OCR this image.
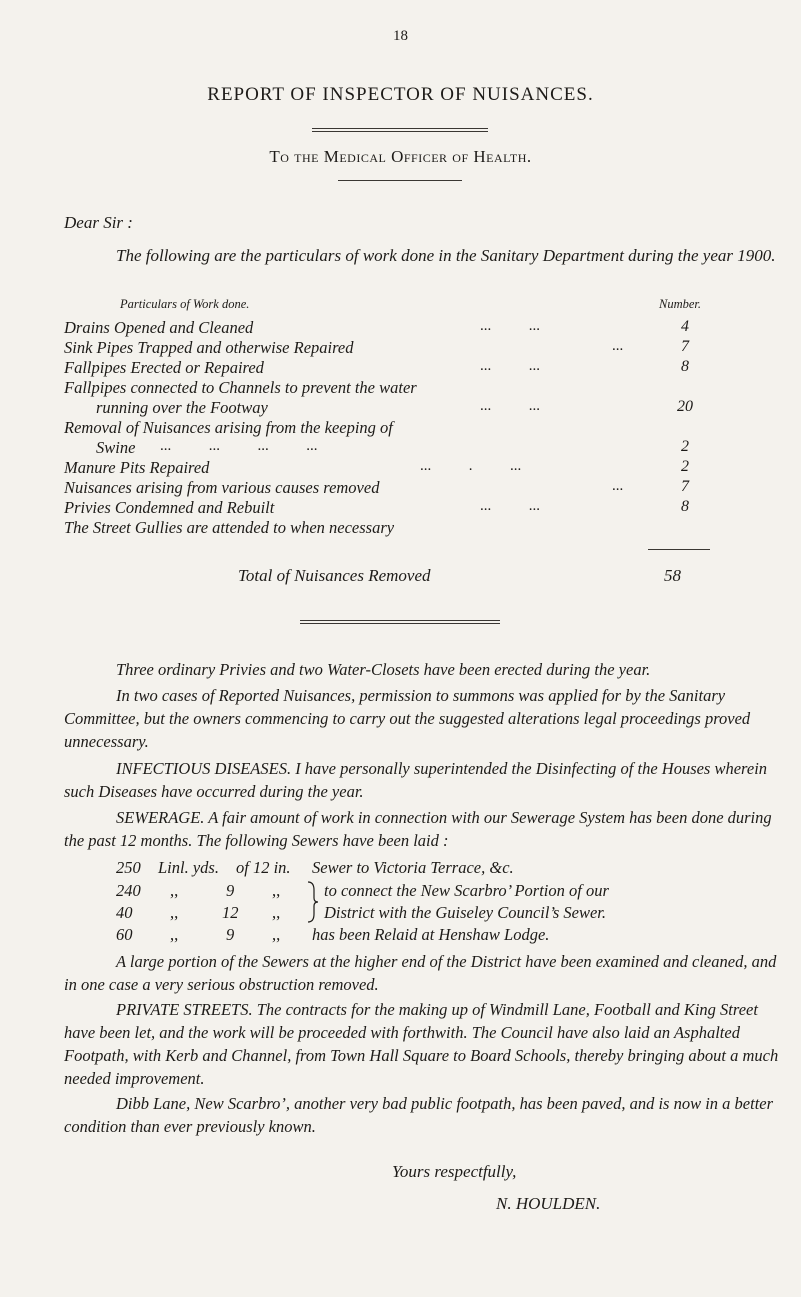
18
REPORT OF INSPECTOR OF NUISANCES.
To the Medical Officer of Health.
Dear Sir :
The following are the particulars of work done in the Sanitary Department during the year 1900.
Particulars of Work done.	Number.
Drains Opened and Cleaned	...          ...	4
Sink Pipes Trapped and otherwise Repaired	...	7
Fallpipes Erected or Repaired	...          ...	8
Fallpipes connected to Channels to prevent the water
running over the Footway	...          ...	20
Removal of Nuisances arising from the keeping of
Swine ...          ...          ...          ...	2
Manure Pits Repaired	...          .          ...	2
Nuisances arising from various causes removed	...	7
Privies Condemned and Rebuilt	...          ...	8
The Street Gullies are attended to when necessary
Total of Nuisances Removed	58
Three ordinary Privies and two Water-Closets have been erected during the year.
In two cases of Reported Nuisances, permission to summons was applied for by the Sanitary Committee, but the owners commencing to carry out the suggested alterations legal proceedings proved unnecessary.
INFECTIOUS DISEASES. I have personally superintended the Disinfecting of the Houses wherein such Diseases have occurred during the year.
SEWERAGE. A fair amount of work in connection with our Sewerage System has been done during the past 12 months. The following Sewers have been laid :
250 Linl. yds. of 12 in. Sewer to Victoria Terrace, &c.
240 ,,	9 ,,	to connect the New Scarbro’ Portion of our
40 ,,	12 ,,	District with the Guiseley Council’s Sewer.
60 ,,	9 ,, has been Relaid at Henshaw Lodge.
A large portion of the Sewers at the higher end of the District have been examined and cleaned, and in one case a very serious obstruction removed.
PRIVATE STREETS. The contracts for the making up of Windmill Lane, Football and King Street have been let, and the work will be proceeded with forthwith. The Council have also laid an Asphalted Footpath, with Kerb and Channel, from Town Hall Square to Board Schools, thereby bringing about a much needed improvement.
Dibb Lane, New Scarbro’, another very bad public footpath, has been paved, and is now in a better condition than ever previously known.
Yours respectfully,
N. HOULDEN.
